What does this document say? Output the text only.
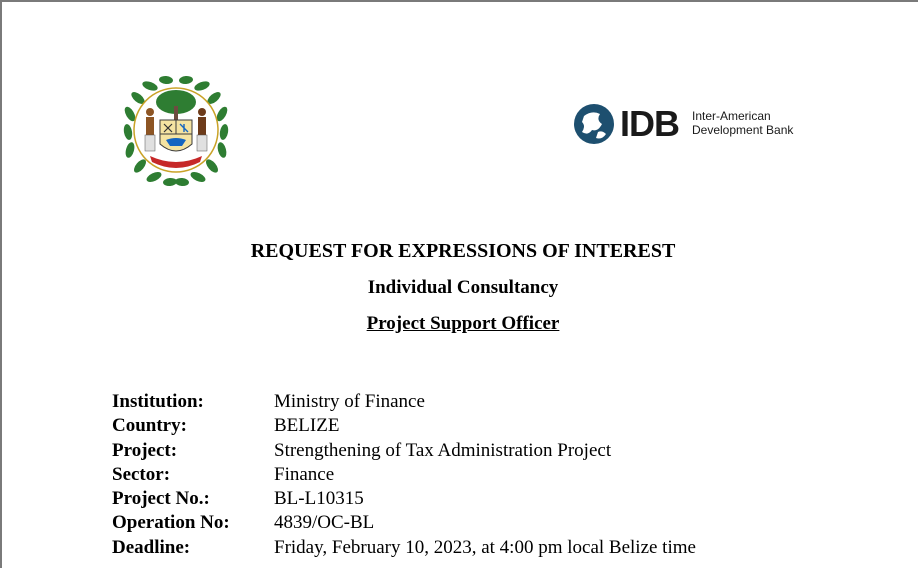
IDB Inter-American
Development Bank
REQUEST FOR EXPRESSIONS OF INTEREST
Individual Consultancy
Project Support Officer
Institution:	Ministry of Finance
Country:	BELIZE
Project:	Strengthening of Tax Administration Project
Sector:	Finance
Project No.:	BL-L10315
Operation No: 4839/OC-BL
Deadline:	Friday, February 10, 2023, at 4:00 pm local Belize time
